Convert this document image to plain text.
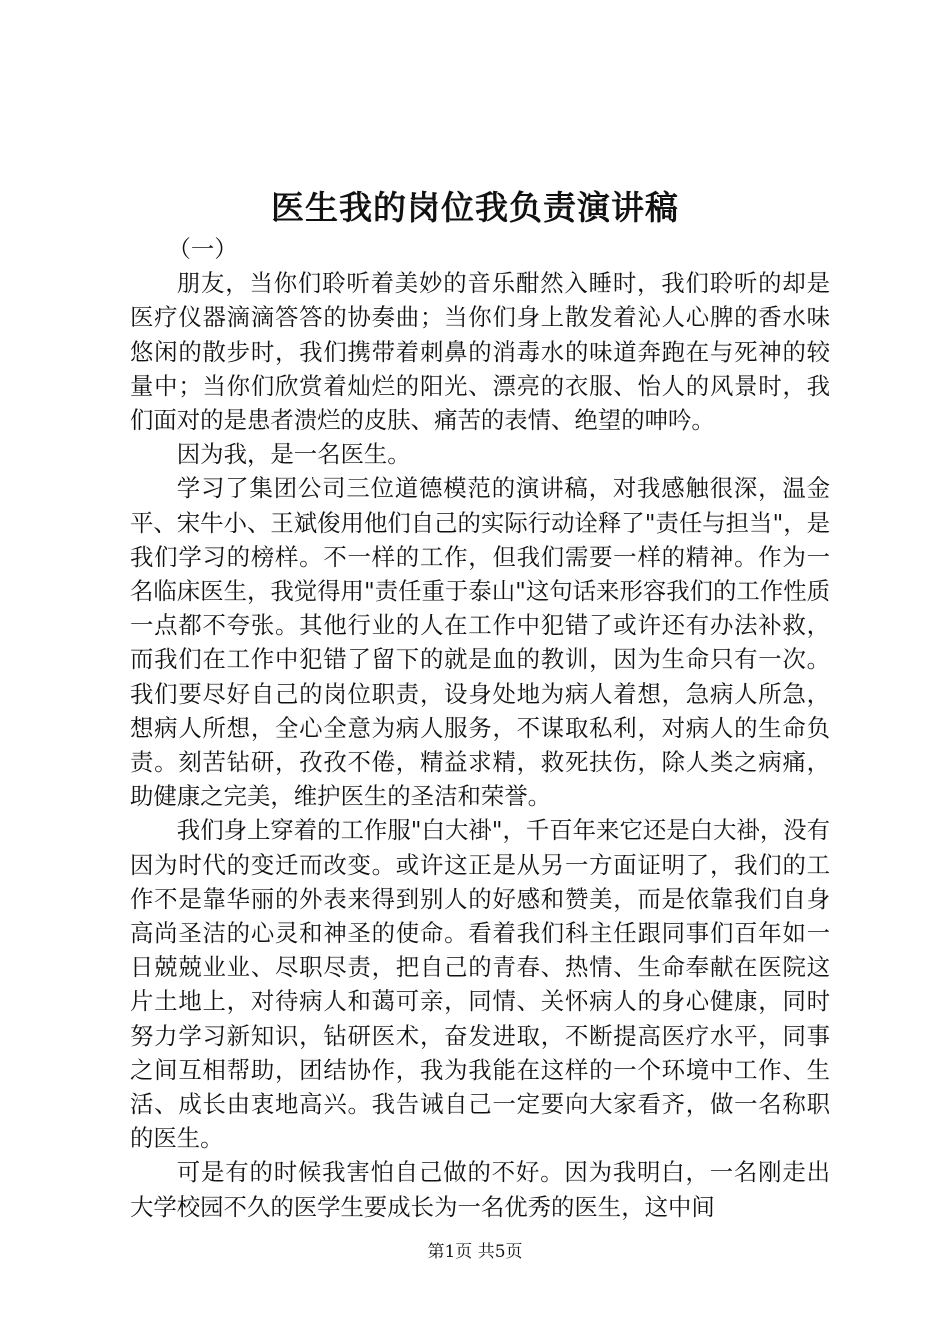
医生我的岗位我负责演讲稿

（一）

朋友，当你们聆听着美妙的音乐酣然入睡时，我们聆听的却是医疗仪器滴滴答答的协奏曲；当你们身上散发着沁人心脾的香水味悠闲的散步时，我们携带着刺鼻的消毒水的味道奔跑在与死神的较量中；当你们欣赏着灿烂的阳光、漂亮的衣服、怡人的风景时，我们面对的是患者溃烂的皮肤、痛苦的表情、绝望的呻吟。

因为我，是一名医生。

学习了集团公司三位道德模范的演讲稿，对我感触很深，温金平、宋牛小、王斌俊用他们自己的实际行动诠释了"责任与担当"，是我们学习的榜样。不一样的工作，但我们需要一样的精神。作为一名临床医生，我觉得用"责任重于泰山"这句话来形容我们的工作性质一点都不夸张。其他行业的人在工作中犯错了或许还有办法补救，而我们在工作中犯错了留下的就是血的教训，因为生命只有一次。我们要尽好自己的岗位职责，设身处地为病人着想，急病人所急，想病人所想，全心全意为病人服务，不谋取私利，对病人的生命负责。刻苦钻研，孜孜不倦，精益求精，救死扶伤，除人类之病痛，助健康之完美，维护医生的圣洁和荣誉。

我们身上穿着的工作服"白大褂"，千百年来它还是白大褂，没有因为时代的变迁而改变。或许这正是从另一方面证明了，我们的工作不是靠华丽的外表来得到别人的好感和赞美，而是依靠我们自身高尚圣洁的心灵和神圣的使命。看着我们科主任跟同事们百年如一日兢兢业业、尽职尽责，把自己的青春、热情、生命奉献在医院这片土地上，对待病人和蔼可亲，同情、关怀病人的身心健康，同时努力学习新知识，钻研医术，奋发进取，不断提高医疗水平，同事之间互相帮助，团结协作，我为我能在这样的一个环境中工作、生活、成长由衷地高兴。我告诫自己一定要向大家看齐，做一名称职的医生。

可是有的时候我害怕自己做的不好。因为我明白，一名刚走出大学校园不久的医学生要成长为一名优秀的医生，这中间

第1页 共5页
